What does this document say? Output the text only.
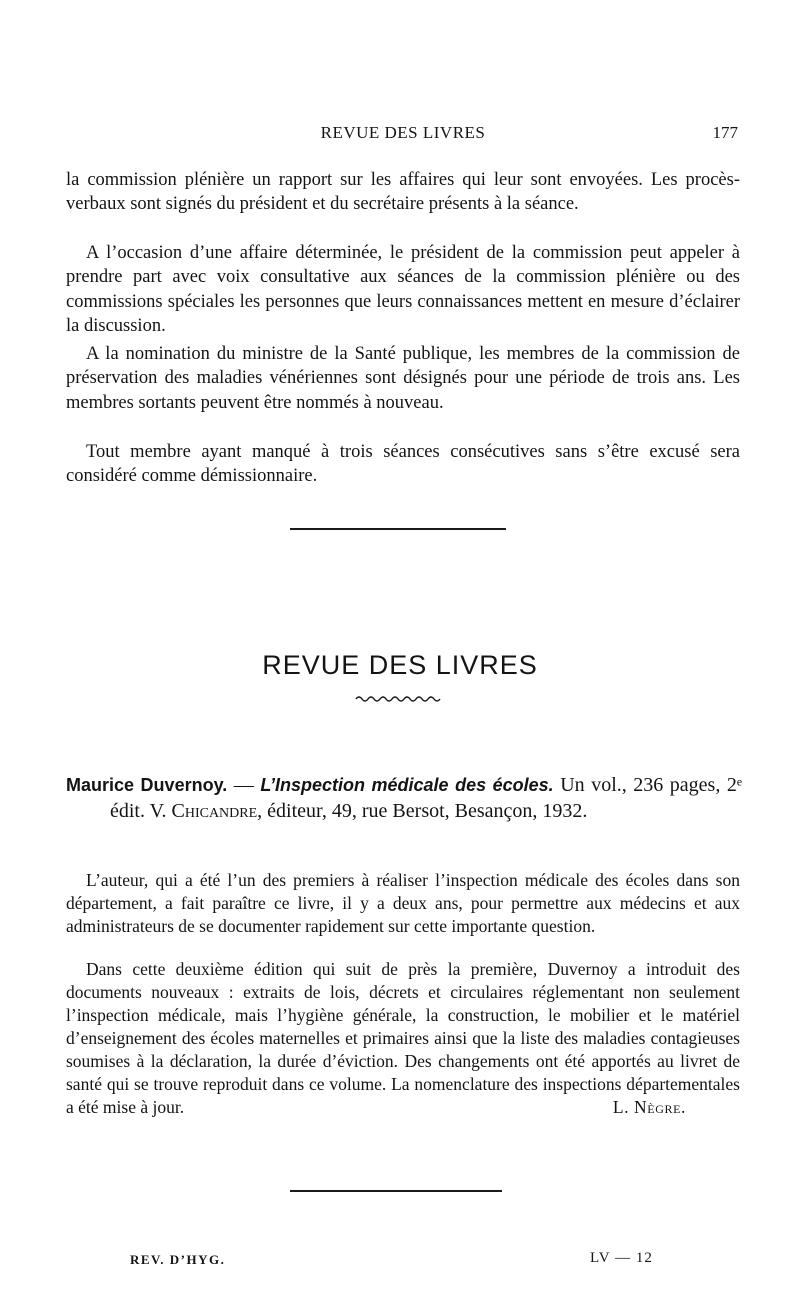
REVUE DES LIVRES	177

la commission plénière un rapport sur les affaires qui leur sont envoyées. Les procès-verbaux sont signés du président et du secrétaire présents à la séance.

A l’occasion d’une affaire déterminée, le président de la commission peut appeler à prendre part avec voix consultative aux séances de la commission plénière ou des commissions spéciales les personnes que leurs connaissances mettent en mesure d’éclairer la discussion.

A la nomination du ministre de la Santé publique, les membres de la commission de préservation des maladies vénériennes sont désignés pour une période de trois ans. Les membres sortants peuvent être nommés à nouveau.

Tout membre ayant manqué à trois séances consécutives sans s’être excusé sera considéré comme démissionnaire.

REVUE DES LIVRES
Maurice Duvernoy. — L’Inspection médicale des écoles. Un vol., 236 pages, 2ᵉ édit. V. Chicandre, éditeur, 49, rue Bersot, Besançon, 1932.

L’auteur, qui a été l’un des premiers à réaliser l’inspection médicale des écoles dans son département, a fait paraître ce livre, il y a deux ans, pour permettre aux médecins et aux administrateurs de se documenter rapidement sur cette importante question.

Dans cette deuxième édition qui suit de près la première, Duvernoy a introduit des documents nouveaux : extraits de lois, décrets et circulaires réglementant non seulement l’inspection médicale, mais l’hygiène générale, la construction, le mobilier et le matériel d’enseignement des écoles maternelles et primaires ainsi que la liste des maladies contagieuses soumises à la déclaration, la durée d’éviction. Des changements ont été apportés au livret de santé qui se trouve reproduit dans ce volume. La nomenclature des inspections départementales a été mise à jour.	L. Nègre.

REV. D’HYG.	LV — 12
